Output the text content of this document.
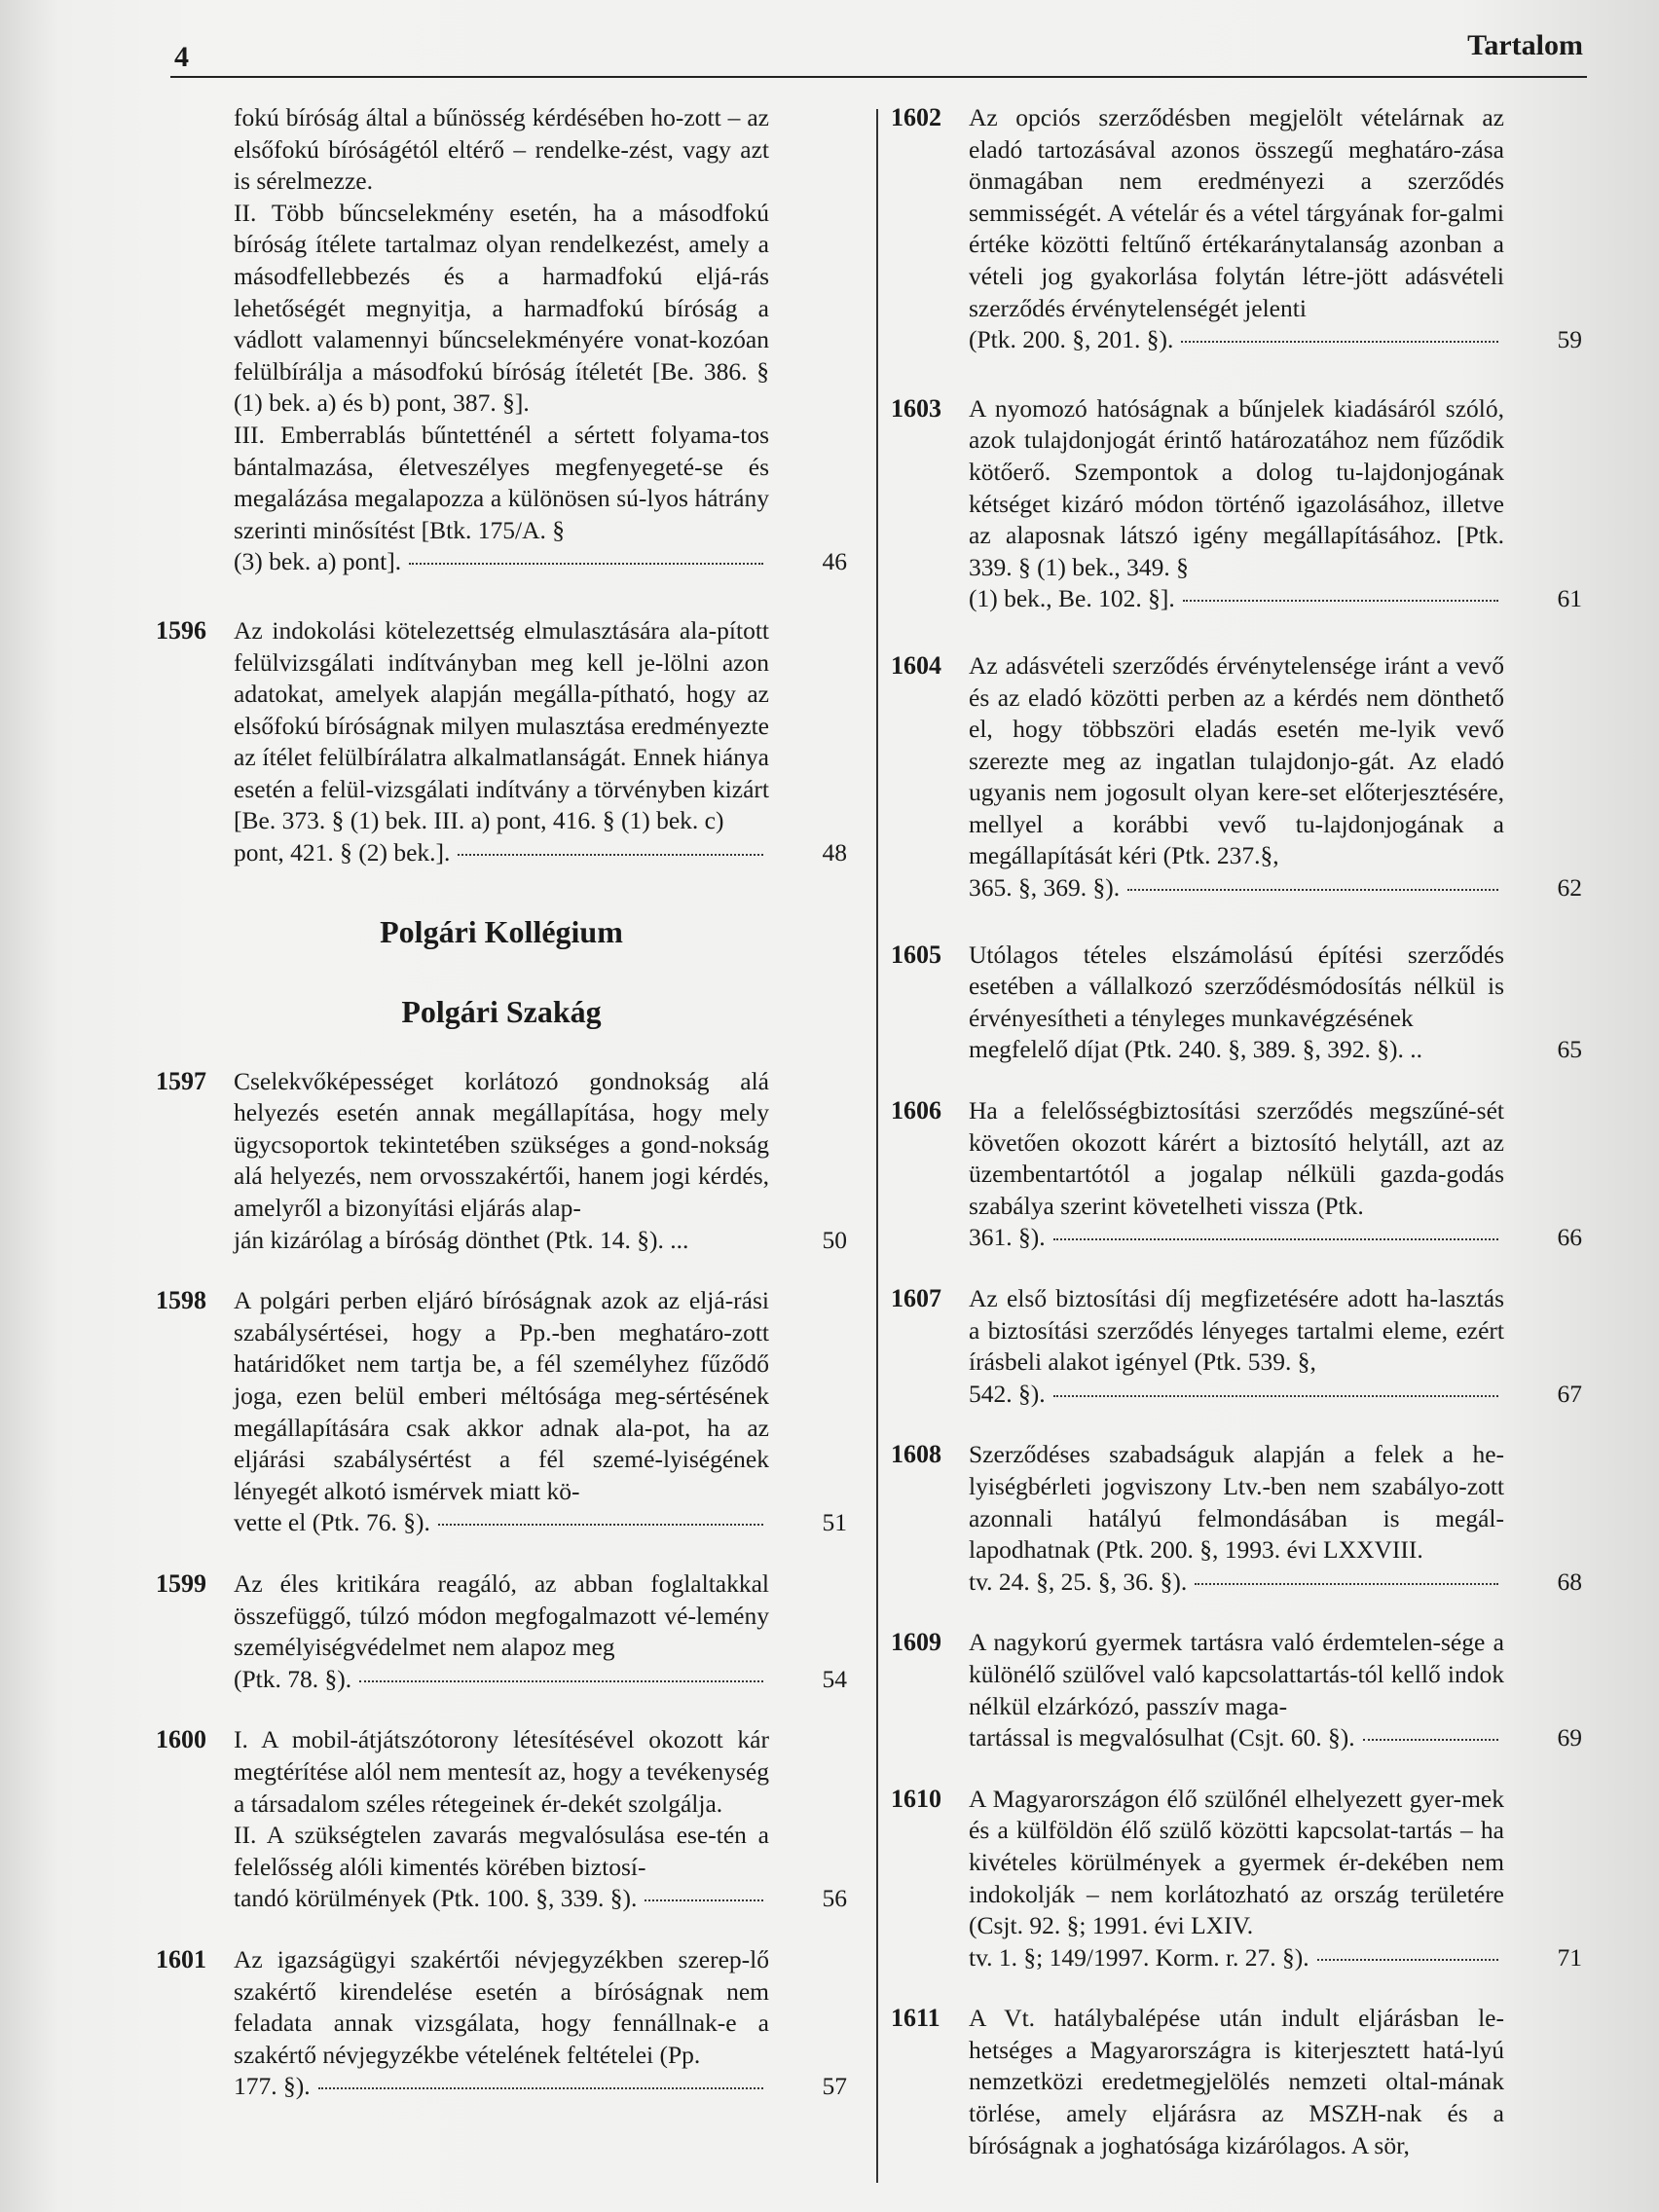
4	Tartalom

fokú bíróság által a bűnösség kérdésében ho-zott – az elsőfokú bíróságétól eltérő – rendelke-zést, vagy azt is sérelmezze.

II. Több bűncselekmény esetén, ha a másodfokú bíróság ítélete tartalmaz olyan rendelkezést, amely a másodfellebbezés és a harmadfokú eljá-rás lehetőségét megnyitja, a harmadfokú bíróság a vádlott valamennyi bűncselekményére vonat-kozóan felülbírálja a másodfokú bíróság ítéletét [Be. 386. § (1) bek. a) és b) pont, 387. §].

III. Emberrablás bűntetténél a sértett folyama-tos bántalmazása, életveszélyes megfenyegeté-se és megalázása megalapozza a különösen sú-lyos hátrány szerinti minősítést [Btk. 175/A. §

(3) bek. a) pont].	46
1596 Az indokolási kötelezettség elmulasztására ala-pított felülvizsgálati indítványban meg kell je-lölni azon adatokat, amelyek alapján megálla-pítható, hogy az elsőfokú bíróságnak milyen mulasztása eredményezte az ítélet felülbírálatra alkalmatlanságát. Ennek hiánya esetén a felül-vizsgálati indítvány a törvényben kizárt [Be. 373. § (1) bek. III. a) pont, 416. § (1) bek. c)

pont, 421. § (2) bek.].	48
Polgári Kollégium
Polgári Szakág
1597 Cselekvőképességet korlátozó gondnokság alá helyezés esetén annak megállapítása, hogy mely ügycsoportok tekintetében szükséges a gond-nokság alá helyezés, nem orvosszakértői, hanem jogi kérdés, amelyről a bizonyítási eljárás alap-

ján kizárólag a bíróság dönthet (Ptk. 14. §). ...	50
1598 A polgári perben eljáró bíróságnak azok az eljá-rási szabálysértései, hogy a Pp.-ben meghatáro-zott határidőket nem tartja be, a fél személyhez fűződő joga, ezen belül emberi méltósága meg-sértésének megállapítására csak akkor adnak ala-pot, ha az eljárási szabálysértést a fél szemé-lyiségének lényegét alkotó ismérvek miatt kö-

vette el (Ptk. 76. §).	51
1599 Az éles kritikára reagáló, az abban foglaltakkal összefüggő, túlzó módon megfogalmazott vé-lemény személyiségvédelmet nem alapoz meg

(Ptk. 78. §).	54
1600 I. A mobil-átjátszótorony létesítésével okozott kár megtérítése alól nem mentesít az, hogy a tevékenység a társadalom széles rétegeinek ér-dekét szolgálja.

II. A szükségtelen zavarás megvalósulása ese-tén a felelősség alóli kimentés körében biztosí-

tandó körülmények (Ptk. 100. §, 339. §).	56
1601 Az igazságügyi szakértői névjegyzékben szerep-lő szakértő kirendelése esetén a bíróságnak nem feladata annak vizsgálata, hogy fennállnak-e a szakértő névjegyzékbe vételének feltételei (Pp.

177. §).	57
1602 Az opciós szerződésben megjelölt vételárnak az eladó tartozásával azonos összegű meghatáro-zása önmagában nem eredményezi a szerződés semmisségét. A vételár és a vétel tárgyának for-galmi értéke közötti feltűnő értékaránytalanság azonban a vételi jog gyakorlása folytán létre-jött adásvételi szerződés érvénytelenségét jelenti

(Ptk. 200. §, 201. §).	59
1603 A nyomozó hatóságnak a bűnjelek kiadásáról szóló, azok tulajdonjogát érintő határozatához nem fűződik kötőerő. Szempontok a dolog tu-lajdonjogának kétséget kizáró módon történő igazolásához, illetve az alaposnak látszó igény megállapításához. [Ptk. 339. § (1) bek., 349. §

(1) bek., Be. 102. §].	61
1604 Az adásvételi szerződés érvénytelensége iránt a vevő és az eladó közötti perben az a kérdés nem dönthető el, hogy többszöri eladás esetén me-lyik vevő szerezte meg az ingatlan tulajdonjo-gát. Az eladó ugyanis nem jogosult olyan kere-set előterjesztésére, mellyel a korábbi vevő tu-lajdonjogának a megállapítását kéri (Ptk. 237.§,

365. §, 369. §).	62
1605 Utólagos tételes elszámolású építési szerződés esetében a vállalkozó szerződésmódosítás nélkül is érvényesítheti a tényleges munkavégzésének

megfelelő díjat (Ptk. 240. §, 389. §, 392. §). ..	65
1606 Ha a felelősségbiztosítási szerződés megszűné-sét követően okozott kárért a biztosító helytáll, azt az üzembentartótól a jogalap nélküli gazda-godás szabálya szerint követelheti vissza (Ptk.

361. §).	66
1607 Az első biztosítási díj megfizetésére adott ha-lasztás a biztosítási szerződés lényeges tartalmi eleme, ezért írásbeli alakot igényel (Ptk. 539. §,

542. §).	67
1608 Szerződéses szabadságuk alapján a felek a he-lyiségbérleti jogviszony Ltv.-ben nem szabályo-zott azonnali hatályú felmondásában is megál-lapodhatnak (Ptk. 200. §, 1993. évi LXXVIII.

tv. 24. §, 25. §, 36. §).	68
1609 A nagykorú gyermek tartásra való érdemtelen-sége a különélő szülővel való kapcsolattartás-tól kellő indok nélkül elzárkózó, passzív maga-

tartással is megvalósulhat (Csjt. 60. §).	69
1610 A Magyarországon élő szülőnél elhelyezett gyer-mek és a külföldön élő szülő közötti kapcsolat-tartás – ha kivételes körülmények a gyermek ér-dekében nem indokolják – nem korlátozható az ország területére (Csjt. 92. §; 1991. évi LXIV.

tv. 1. §; 149/1997. Korm. r. 27. §).	71
1611 A Vt. hatálybalépése után indult eljárásban le-hetséges a Magyarországra is kiterjesztett hatá-lyú nemzetközi eredetmegjelölés nemzeti oltal-mának törlése, amely eljárásra az MSZH-nak és a bíróságnak a joghatósága kizárólagos. A sör,
